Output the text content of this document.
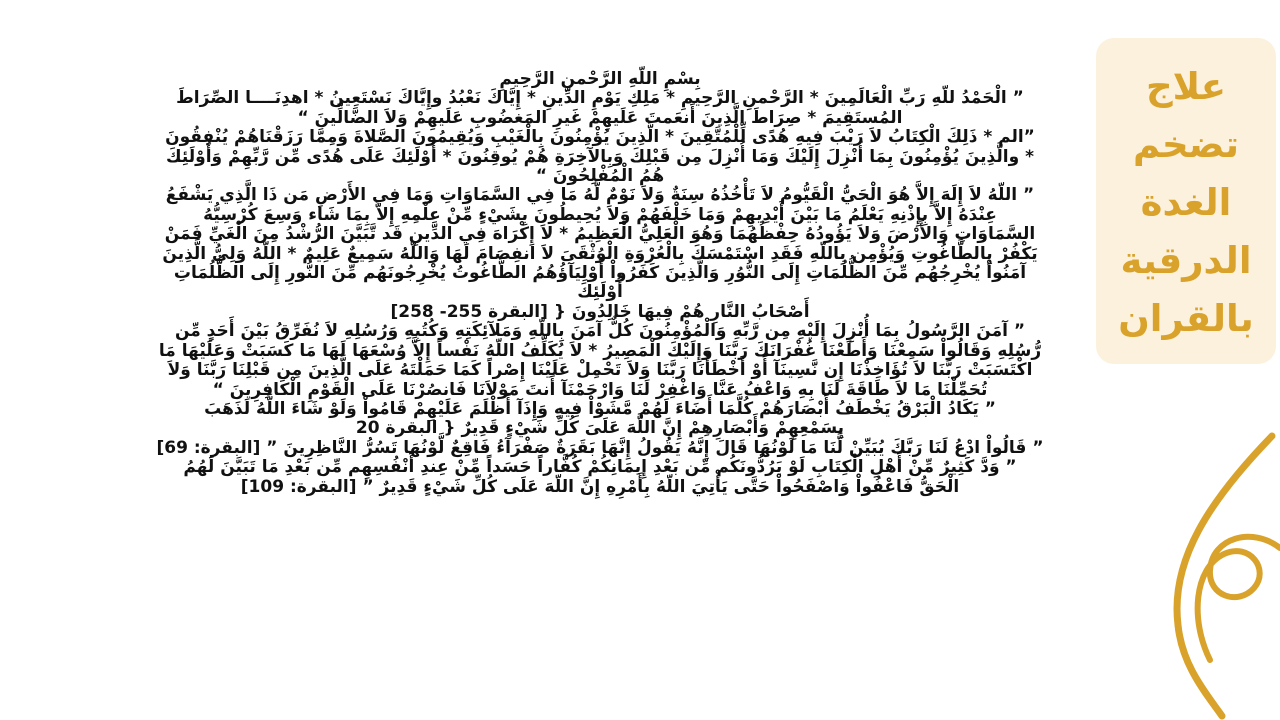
بِسْمِ اللّهِ الرَّحْمنِ الرَّحِيمِ

” الْحَمْدُ للّهِ رَبِّ الْعَالَمِينَ * الرَّحْمنِ الرَّحِيمِ * مَلِكِ يَوْمِ الدِّينِ * إِيَّاكَ نَعْبُدُ وإِيَّاكَ نَسْتَعِينُ * اهدِنَــــا الصِّرَاطَ

المُستَقِيمَ * صِرَاطَ الَّذِينَ أَنعَمتَ عَلَيهِمْ غَيرِ المَغضُوبِ عَلَيهِمْ وَلاَ الضَّالِّينَ “

”الم * ذَلِكَ الْكِتَابُ لاَ رَيْبَ فِيهِ هُدًى لِّلْمُتَّقِينَ * الَّذِينَ يُؤْمِنُونَ بِالْغَيْبِ وَيُقِيمُونَ الصَّلاةَ وَمِمَّا رَزَقْنَاهُمْ يُنْفِقُونَ

* والَّذِينَ يُؤْمِنُونَ بِمَا أُنْزِلَ إِلَيْكَ وَمَا أُنْزِلَ مِن قَبْلِكَ وَبِالآخِرَةِ هُمْ يُوقِنُونَ * أُوْلَئِكَ عَلَى هُدًى مِّن رَّبِّهِمْ وَأُوْلَئِكَ

هُمُ الْمُفْلِحُونَ “

” اللّهُ لاَ إِلَهَ إِلاَّ هُوَ الْحَيُّ الْقَيُّومُ لاَ تَأْخُذُهُ سِنَةٌ وَلاَ نَوْمٌ لَّهُ مَا فِي السَّمَاوَاتِ وَمَا فِي الأَرْضِ مَن ذَا الَّذِي يَشْفَعُ

عِنْدَهُ إِلاَّ بِإِذْنِهِ يَعْلَمُ مَا بَيْنَ أَيْدِيهِمْ وَمَا خَلْفَهُمْ وَلاَ يُحِيطُونَ بِشَيْءٍ مِّنْ عِلْمِهِ إِلاَّ بِمَا شَاء وَسِعَ كُرْسِيُّهُ

السَّمَاوَاتِ وَالأَرْضَ وَلاَ يَؤُودُهُ حِفْظُهُمَا وَهُوَ الْعَلِيُّ الْعَظِيمُ * لاَ إِكْرَاهَ فِي الدِّينِ قَد تَّبَيَّنَ الرُّشْدُ مِنَ الْغَيِّ فَمَنْ

يَكْفُرْ بِالطَّاغُوتِ وَيُؤْمِن بِاللّهِ فَقَدِ اسْتَمْسَكَ بِالْعُرْوَةِ الْوُثْقَىَ لاَ انفِصَامَ لَهَا وَاللّهُ سَمِيعٌ عَلِيمٌ * اللّهُ وَلِيُّ الَّذِينَ

آمَنُواْ يُخْرِجُهُم مِّنَ الظُّلُمَاتِ إِلَى النُّوُرِ وَالَّذِينَ كَفَرُواْ أَوْلِيَآؤُهُمُ الطَّاغُوتُ يُخْرِجُونَهُم مِّنَ النُّورِ إِلَى الظُّلُمَاتِ أُوْلَئِكَ

أَصْحَابُ النَّارِ هُمْ فِيهَا خَالِدُونَ { [البقرة 255- 258]

” آمَنَ الرَّسُولُ بِمَا أُنْزِلَ إِلَيْهِ مِن رَّبِّهِ وَالْمُؤْمِنُونَ كُلٌّ آمَنَ بِاللّهِ وَمَلآئِكَتِهِ وَكُتُبِهِ وَرُسُلِهِ لاَ نُفَرِّقُ بَيْنَ أَحَدٍ مِّن

رُّسُلِهِ وَقَالُواْ سَمِعْنَا وَأَطَعْنَا غُفْرَانَكَ رَبَّنَا وَإِلَيْكَ الْمَصِيرُ * لاَ يُكَلِّفُ اللّهُ نَفْساً إِلاَّ وُسْعَهَا لَهَا مَا كَسَبَتْ وَعَلَيْهَا مَا

اكْتَسَبَتْ رَبَّنَا لاَ تُؤَاخِذْنَا إِن نَّسِينَآ أَوْ أَخْطَأْنَا رَبَّنَا وَلاَ تَحْمِلْ عَلَيْنَا إِصْراً كَمَا حَمَلْتَهُ عَلَى الَّذِينَ مِن قَبْلِنَا رَبَّنَا وَلاَ

تُحَمِّلْنَا مَا لاَ طَاقَةَ لَنَا بِهِ وَاعْفُ عَنَّا وَاغْفِرْ لَنَا وَارْحَمْنَآ أَنتَ مَوْلاَنَا فَانصُرْنَا عَلَى الْقَوْمِ الْكَافِرِينَ “

” يَكَادُ الْبَرْقُ يَخْطَفُ أَبْصَارَهُمْ كُلَّمَا أَضَاءَ لَهُمْ مَّشَوْاْ فِيهِ وَإِذَآ أَظْلَمَ عَلَيْهِمْ قَامُواْ وَلَوْ شَاءَ اللَّهُ لَذَهَبَ

بِسَمْعِهِمْ وَأَبْصَارِهِمْ إِنَّ اللَّهَ عَلَىَ كُلِّ شَيْءٍ قَدِيرٌ { البقرة 20

” قَالُواْ ادْعُ لَنَا رَبَّكَ يُبَيِّنْ لَّنَا مَا لَوْنُهَا قَالَ إِنَّهُ يَقُولُ إِنَّهَا بَقَرَةٌ صَفْرَآءُ فَاقِعٌ لَّوْنُهَا تَسُرُّ النَّاظِرِينَ ” [البقرة: 69]

” وَدَّ كَثِيرٌ مِّنْ أَهْلِ الْكِتَابِ لَوْ يَرُدُّونَكُم مِّن بَعْدِ إِيمَانِكُمْ كُفَّاراً حَسَداً مِّنْ عِندِ أَنْفُسِهِم مِّن بَعْدِ مَا تَبَيَّنَ لَهُمُ

الْحَقُّ فَاعْفُواْ وَاصْفَحُواْ حَتَّى يَأْتِيَ اللّهُ بِأَمْرِهِ إِنَّ اللّهَ عَلَى كُلِّ شَيْءٍ قَدِيرٌ ” [البقرة: 109]

علاج

تضخم

الغدة

الدرقية

بالقران
